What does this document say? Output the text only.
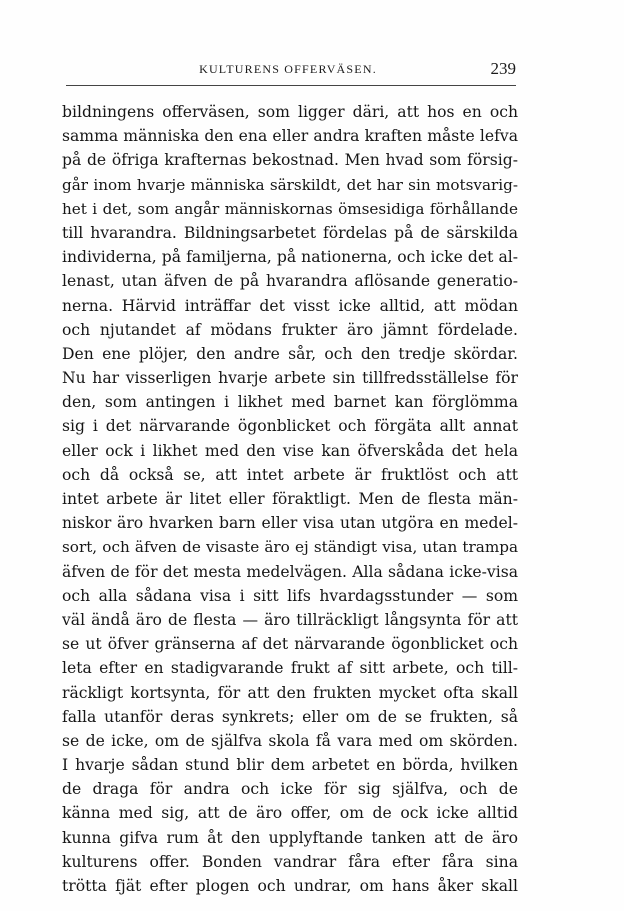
KULTURENS OFFERVÄSEN.	239
bildningens offerväsen, som ligger däri, att hos en och
samma människa den ena eller andra kraften måste lefva
på de öfriga krafternas bekostnad. Men hvad som försig-
går inom hvarje människa särskildt, det har sin motsvarig-
het i det, som angår människornas ömsesidiga förhållande
till hvarandra. Bildningsarbetet fördelas på de särskilda
individerna, på familjerna, på nationerna, och icke det al-
lenast, utan äfven de på hvarandra aflösande generatio-
nerna. Härvid inträffar det visst icke alltid, att mödan
och njutandet af mödans frukter äro jämnt fördelade.
Den ene plöjer, den andre sår, och den tredje skördar.
Nu har visserligen hvarje arbete sin tillfredsställelse för
den, som antingen i likhet med barnet kan förglömma
sig i det närvarande ögonblicket och förgäta allt annat
eller ock i likhet med den vise kan öfverskåda det hela
och då också se, att intet arbete är fruktlöst och att
intet arbete är litet eller föraktligt. Men de flesta män-
niskor äro hvarken barn eller visa utan utgöra en medel-
sort, och äfven de visaste äro ej ständigt visa, utan trampa
äfven de för det mesta medelvägen. Alla sådana icke-visa
och alla sådana visa i sitt lifs hvardagsstunder — som
väl ändå äro de flesta — äro tillräckligt långsynta för att
se ut öfver gränserna af det närvarande ögonblicket och
leta efter en stadigvarande frukt af sitt arbete, och till-
räckligt kortsynta, för att den frukten mycket ofta skall
falla utanför deras synkrets; eller om de se frukten, så
se de icke, om de själfva skola få vara med om skörden.
I hvarje sådan stund blir dem arbetet en börda, hvilken
de draga för andra och icke för sig själfva, och de
känna med sig, att de äro offer, om de ock icke alltid
kunna gifva rum åt den upplyftande tanken att de äro
kulturens offer. Bonden vandrar fåra efter fåra sina
trötta fjät efter plogen och undrar, om hans åker skall
